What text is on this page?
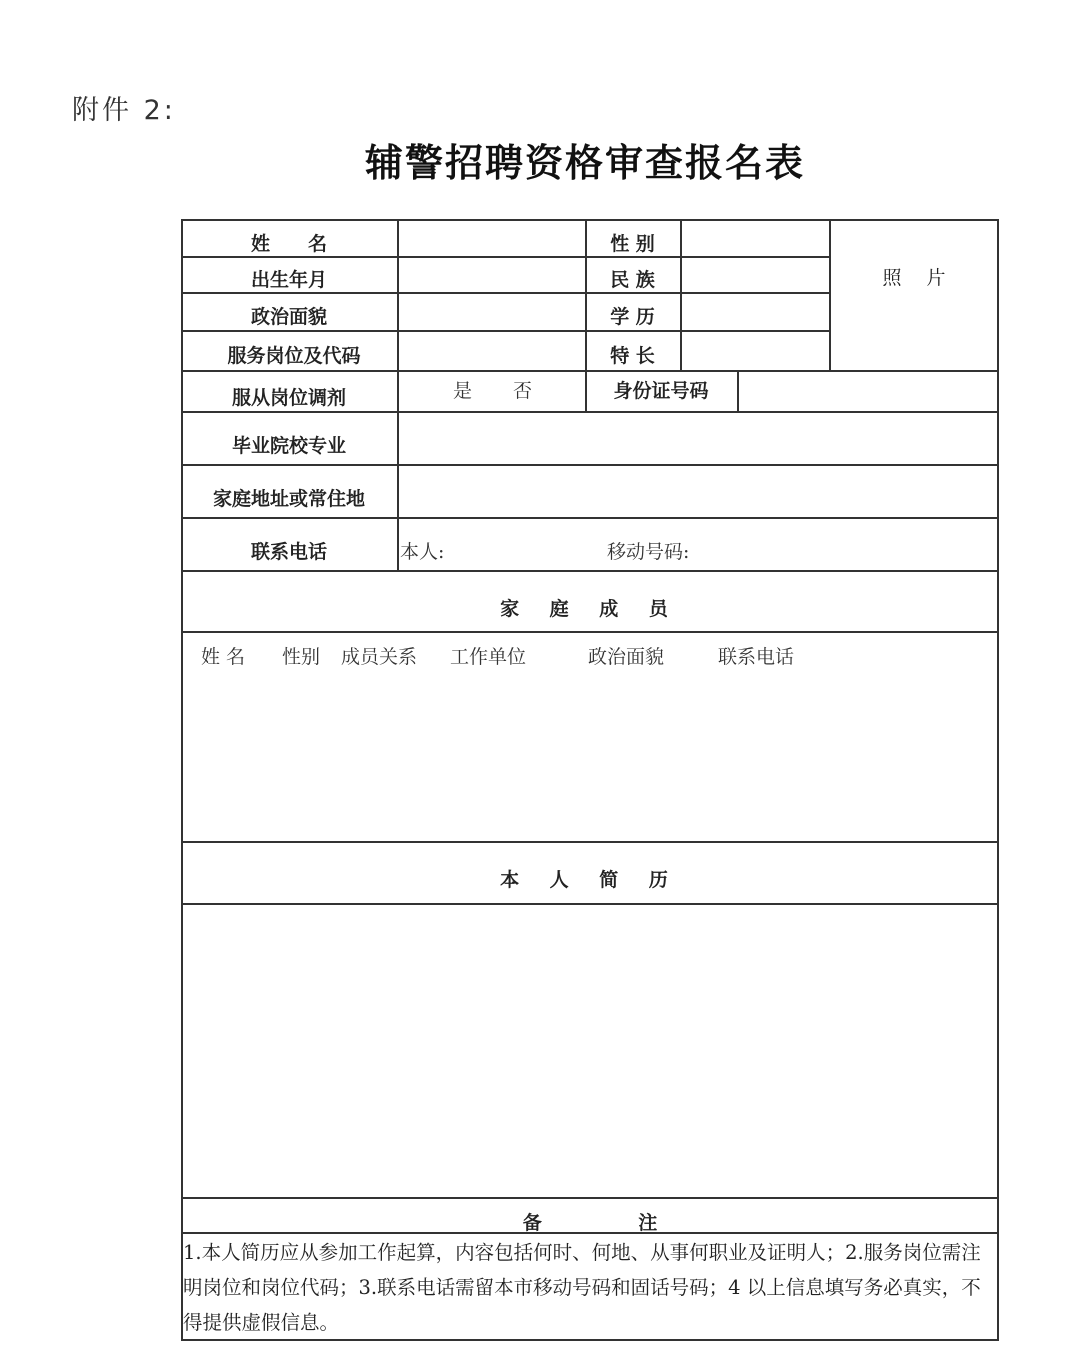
附件 2:
辅警招聘资格审查报名表
姓　　名	性 别
照　 片
出生年月	民 族
政治面貌	学 历
服务岗位及代码	特 长
服从岗位调剂	是 否	身份证号码
毕业院校专业
家庭地址或常住地
联系电话	本人:	移动号码:
家 庭 成 员
姓 名 性别 成员关系 工作单位	政治面貌	联系电话
本 人 简 历
备 注
1.本人简历应从参加工作起算，内容包括何时、何地、从事何职业及证明人；2.服务岗位需注明岗位和岗位代码；3.联系电话需留本市移动号码和固话号码；4 以上信息填写务必真实，不得提供虚假信息。
